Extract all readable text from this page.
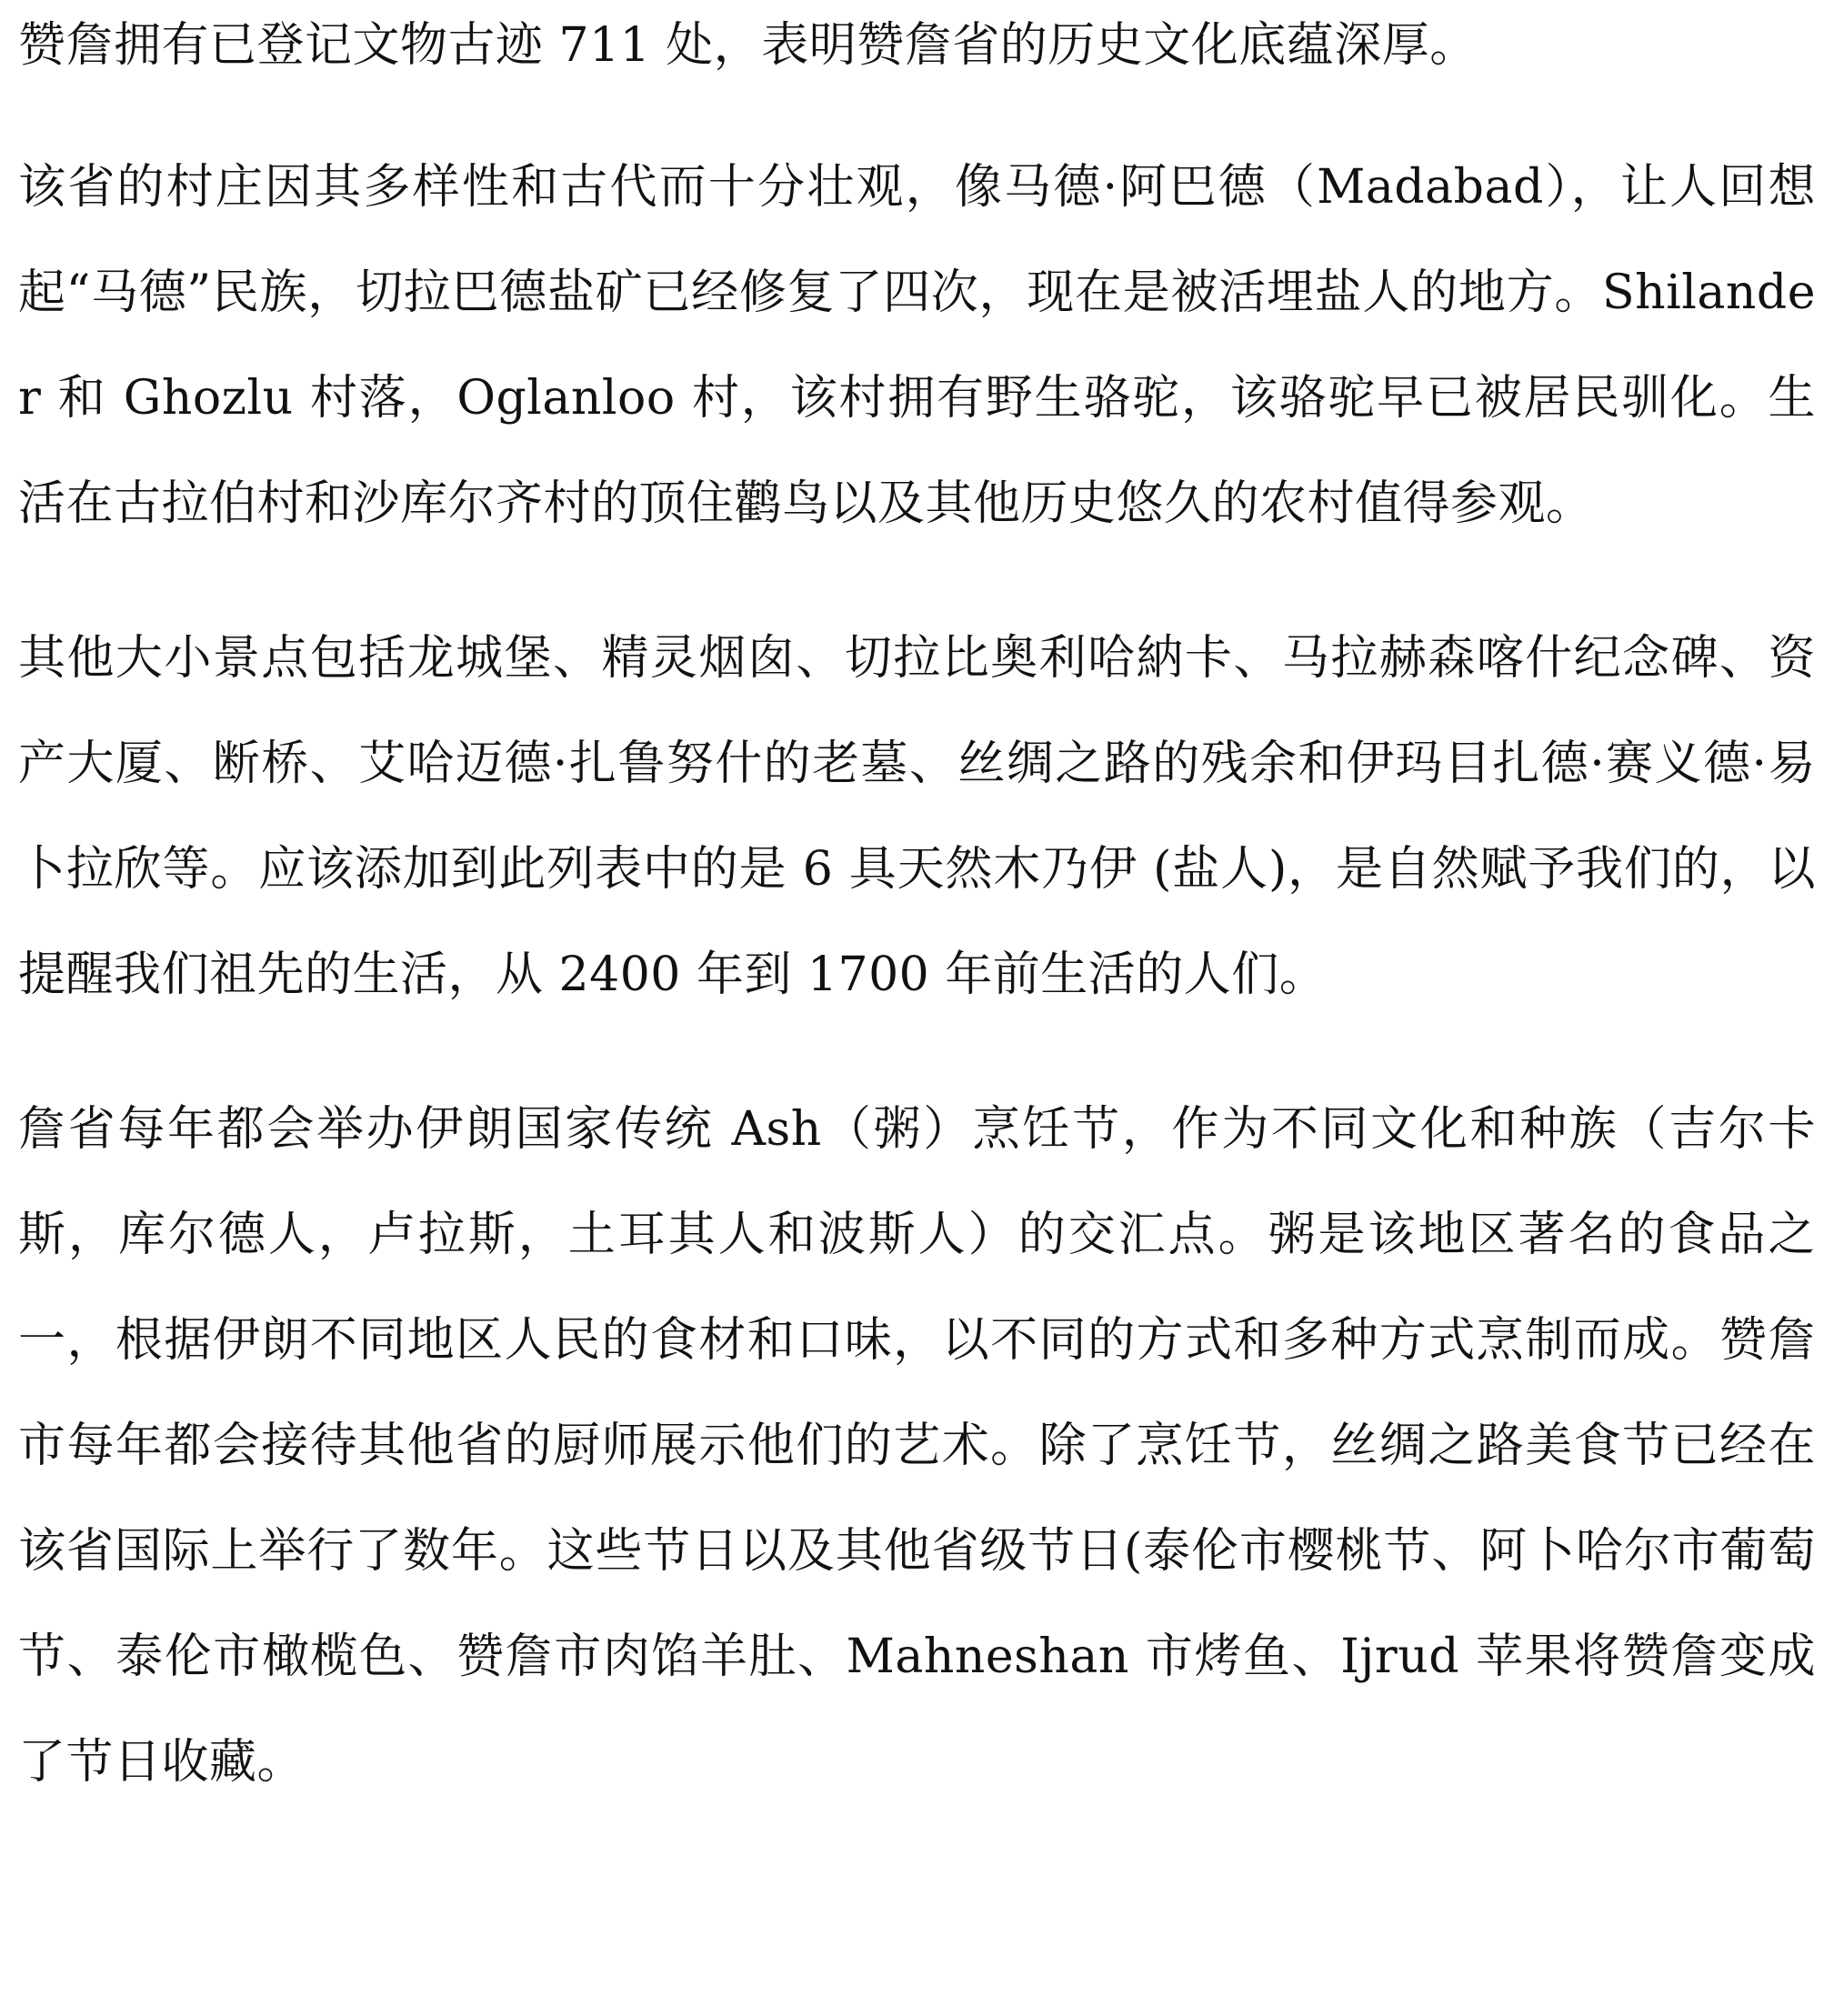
赞詹拥有已登记文物古迹 711 处，表明赞詹省的历史文化底蕴深厚。

该省的村庄因其多样性和古代而十分壮观，像马德·阿巴德（Madabad），让人回想起“马德”民族，切拉巴德盐矿已经修复了四次，现在是被活埋盐人的地方。Shilander 和 Ghozlu 村落，Oglanloo 村，该村拥有野生骆驼，该骆驼早已被居民驯化。生活在古拉伯村和沙库尔齐村的顶住鹳鸟以及其他历史悠久的农村值得参观。

其他大小景点包括龙城堡、精灵烟囱、切拉比奥利哈納卡、马拉赫森喀什纪念碑、资产大厦、断桥、艾哈迈德·扎鲁努什的老墓、丝绸之路的残余和伊玛目扎德·赛义德·易卜拉欣等。应该添加到此列表中的是 6 具天然木乃伊 (盐人)，是自然赋予我们的，以提醒我们祖先的生活，从 2400 年到 1700 年前生活的人们。

詹省每年都会举办伊朗国家传统 Ash（粥）烹饪节，作为不同文化和种族（吉尔卡斯，库尔德人，卢拉斯，土耳其人和波斯人）的交汇点。粥是该地区著名的食品之一，根据伊朗不同地区人民的食材和口味，以不同的方式和多种方式烹制而成。赞詹市每年都会接待其他省的厨师展示他们的艺术。除了烹饪节，丝绸之路美食节已经在该省国际上举行了数年。这些节日以及其他省级节日(泰伦市樱桃节、阿卜哈尔市葡萄节、泰伦市橄榄色、赞詹市肉馅羊肚、Mahneshan 市烤鱼、Ijrud 苹果将赞詹变成了节日收藏。
